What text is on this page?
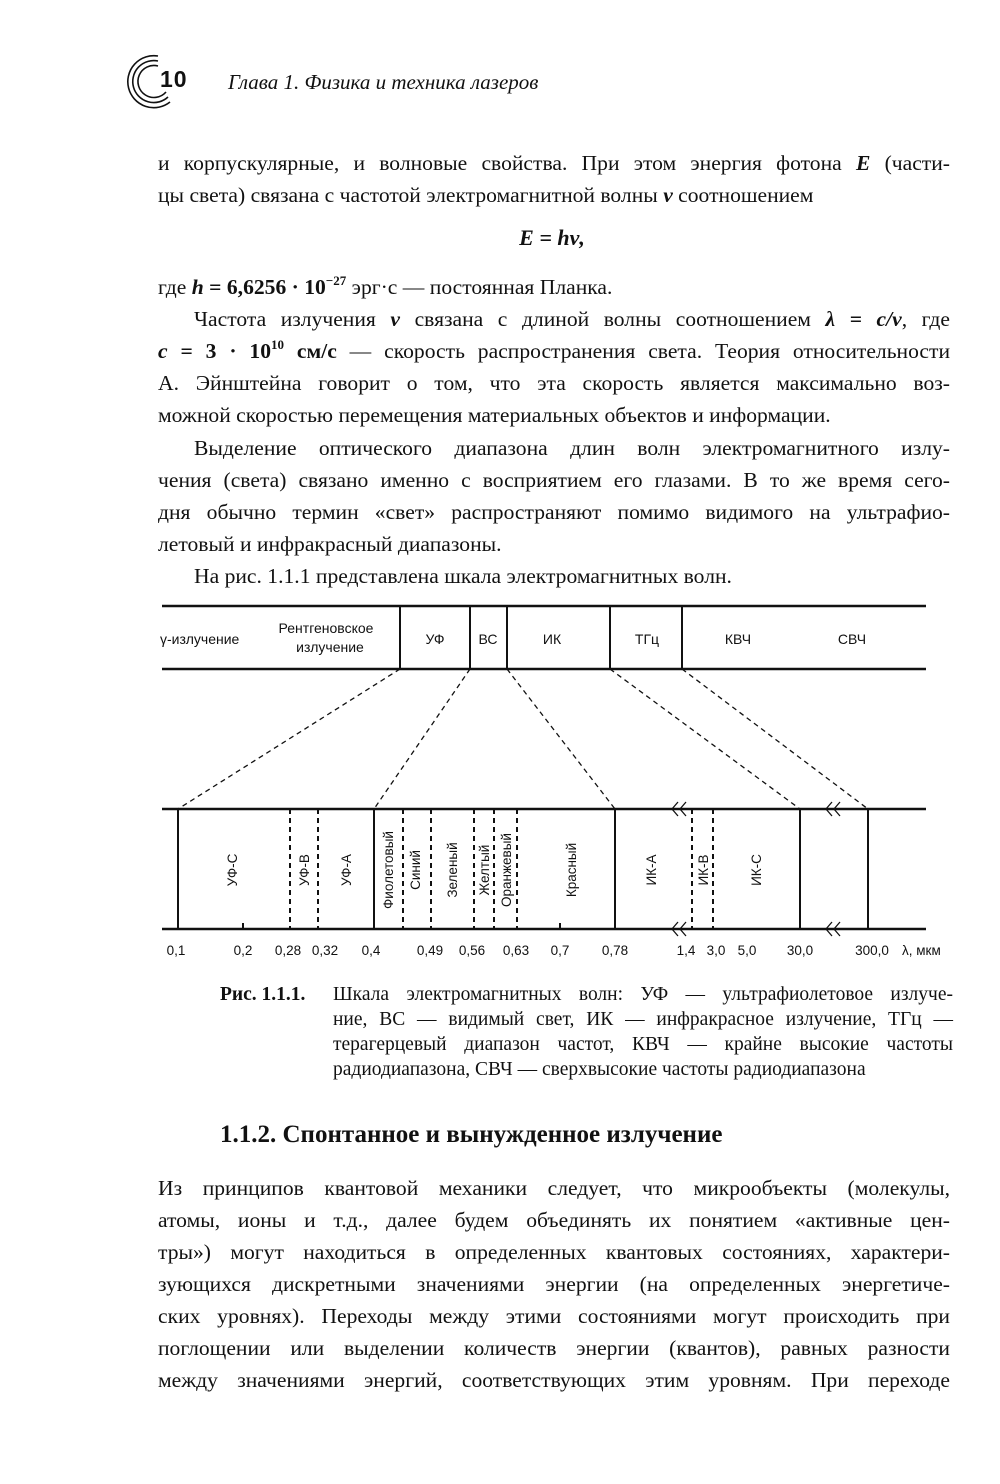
10 Глава 1. Физика и техника лазеров
и корпускулярные, и волновые свойства. При этом энергия фотона E (части-
цы света) связана с частотой электромагнитной волны ν соотношением
E = hν,
где $h = 6,6256 \cdot 10^{-27}$ эрг·с — постоянная Планка.
Частота излучения ν связана с длиной волны соотношением λ = c/ν, где
$c = 3 \cdot 10^{10}$ см/с — скорость распространения света. Теория относительности
А. Эйнштейна говорит о том, что эта скорость является максимально воз-
можной скоростью перемещения материальных объектов и информации.
Выделение оптического диапазона длин волн электромагнитного излу-
чения (света) связано именно с восприятием его глазами. В то же время сего-
дня обычно термин «свет» распространяют помимо видимого на ультрафио-
летовый и инфракрасный диапазоны.
На рис. 1.1.1 представлена шкала электромагнитных волн.
γ-излучение
Рентгеновское
излучение	УФ ВС	ИК	ТГц	КВЧ	СВЧ
УФ-С	УФ-В УФ-А Фиолетовый Синий Зеленый Желтый Оранжевый	Красный	ИК-А	ИК-В	ИК-С
0,1	0,2 0,28 0,32 0,4	0,49 0,56 0,63 0,7 0,78	1,4 3,0 5,0 30,0	300,0 λ, мкм
Рис. 1.1.1. Шкала электромагнитных волн: УФ — ультрафиолетовое излуче-
ние, ВС — видимый свет, ИК — инфракрасное излучение, ТГц —
терагерцевый диапазон частот, КВЧ — крайне высокие частоты
радиодиапазона, СВЧ — сверхвысокие частоты радиодиапазона
1.1.2. Спонтанное и вынужденное излучение
Из принципов квантовой механики следует, что микрообъекты (молекулы,
атомы, ионы и т.д., далее будем объединять их понятием «активные цен-
тры») могут находиться в определенных квантовых состояниях, характери-
зующихся дискретными значениями энергии (на определенных энергетиче-
ских уровнях). Переходы между этими состояниями могут происходить при
поглощении или выделении количеств энергии (квантов), равных разности
между значениями энергий, соответствующих этим уровням. При переходе
